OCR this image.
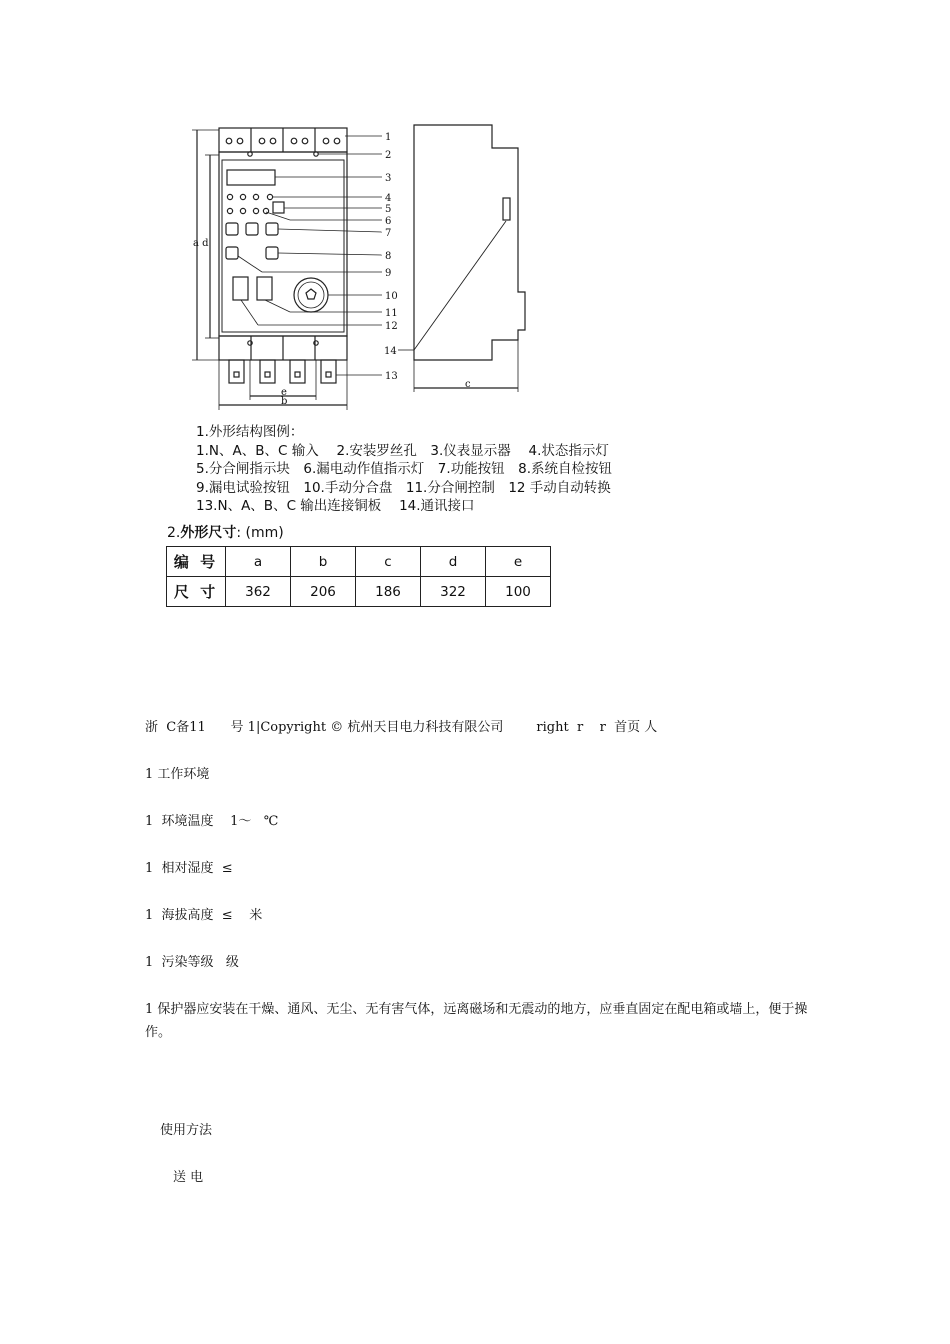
1
2
3
4
5
6
7
8
9
10
11
12
14
13
a d
e
b
c
1.外形结构图例：
1.N、A、B、C 输入　 2.安装罗丝孔　3.仪表显示器　 4.状态指示灯
5.分合闸指示块　6.漏电动作值指示灯　7.功能按钮　8.系统自检按钮
9.漏电试验按钮　10.手动分合盘　11.分合闸控制　12 手动自动转换
13.N、A、B、C 输出连接铜板　 14.通讯接口
2.外形尺寸: (mm)
编 号	a	b	c	d	e
尺 寸	362	206	186	322	100
浙  C备11      号 1|Copyright © 杭州天目电力科技有限公司        right  r    r  首页 人
1 工作环境
1  环境温度    1～   ℃
1  相对湿度  ≤
1  海拔高度  ≤    米
1  污染等级   级
1 保护器应安装在干燥、通风、无尘、无有害气体，远离磁场和无震动的地方，应垂直固定在配电箱或墙上，便于操作。
使用方法
送 电
